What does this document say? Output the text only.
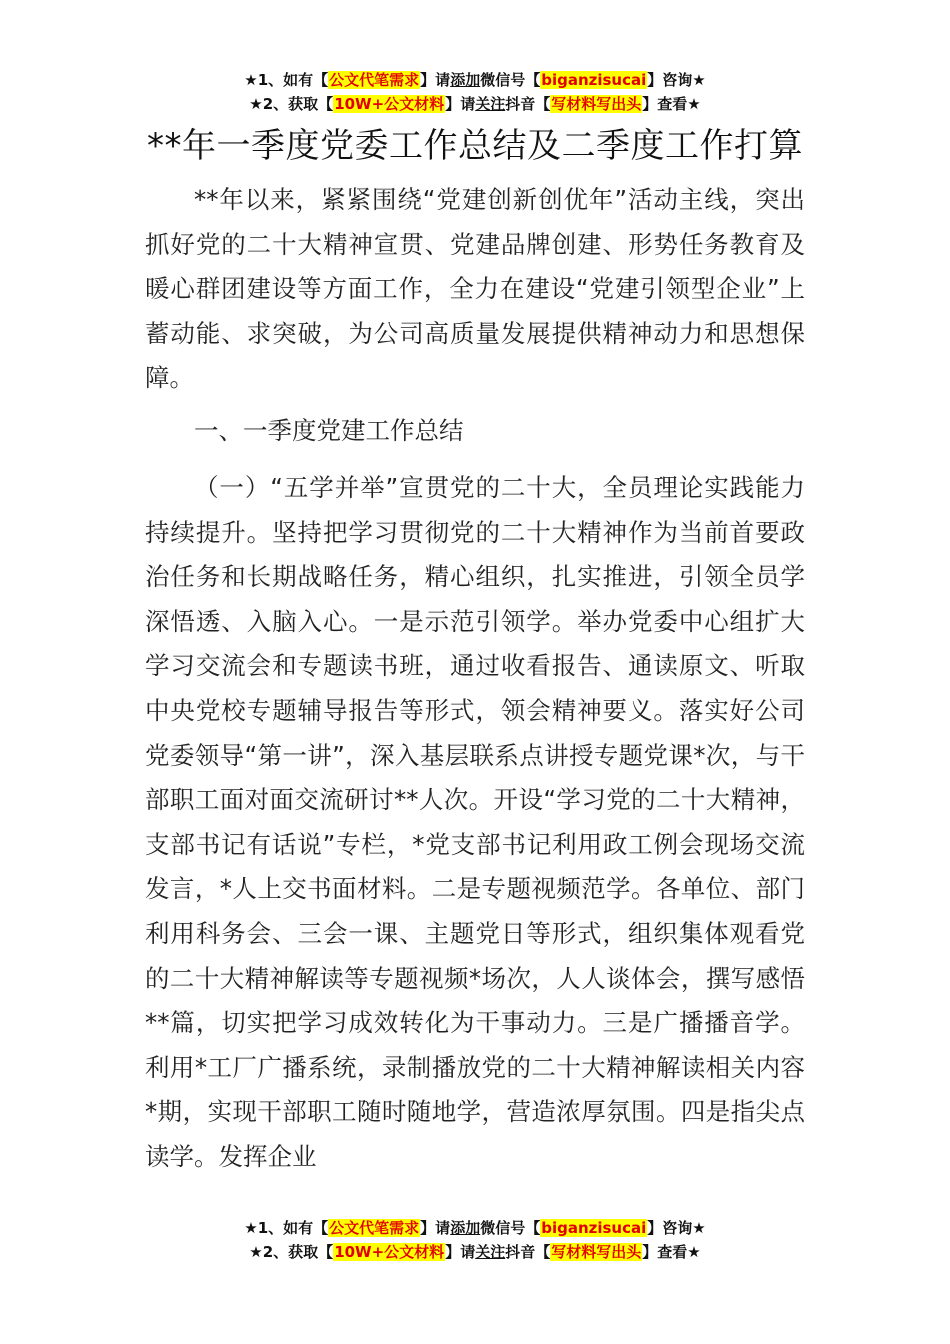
★1、如有【公文代笔需求】请添加微信号【biganzisucai】咨询★
★2、获取【10W+公文材料】请关注抖音【写材料写出头】查看★
**年一季度党委工作总结及二季度工作打算

**年以来，紧紧围绕“党建创新创优年”活动主线，突出抓好党的二十大精神宣贯、党建品牌创建、形势任务教育及暖心群团建设等方面工作，全力在建设“党建引领型企业”上蓄动能、求突破，为公司高质量发展提供精神动力和思想保障。

一、一季度党建工作总结

（一）“五学并举”宣贯党的二十大，全员理论实践能力持续提升。坚持把学习贯彻党的二十大精神作为当前首要政治任务和长期战略任务，精心组织，扎实推进，引领全员学深悟透、入脑入心。一是示范引领学。举办党委中心组扩大学习交流会和专题读书班，通过收看报告、通读原文、听取中央党校专题辅导报告等形式，领会精神要义。落实好公司党委领导“第一讲”，深入基层联系点讲授专题党课*次，与干部职工面对面交流研讨**人次。开设“学习党的二十大精神，支部书记有话说”专栏，*党支部书记利用政工例会现场交流发言，*人上交书面材料。二是专题视频范学。各单位、部门利用科务会、三会一课、主题党日等形式，组织集体观看党的二十大精神解读等专题视频*场次，人人谈体会，撰写感悟**篇，切实把学习成效转化为干事动力。三是广播播音学。利用*工厂广播系统，录制播放党的二十大精神解读相关内容*期，实现干部职工随时随地学，营造浓厚氛围。四是指尖点读学。发挥企业

★1、如有【公文代笔需求】请添加微信号【biganzisucai】咨询★
★2、获取【10W+公文材料】请关注抖音【写材料写出头】查看★
